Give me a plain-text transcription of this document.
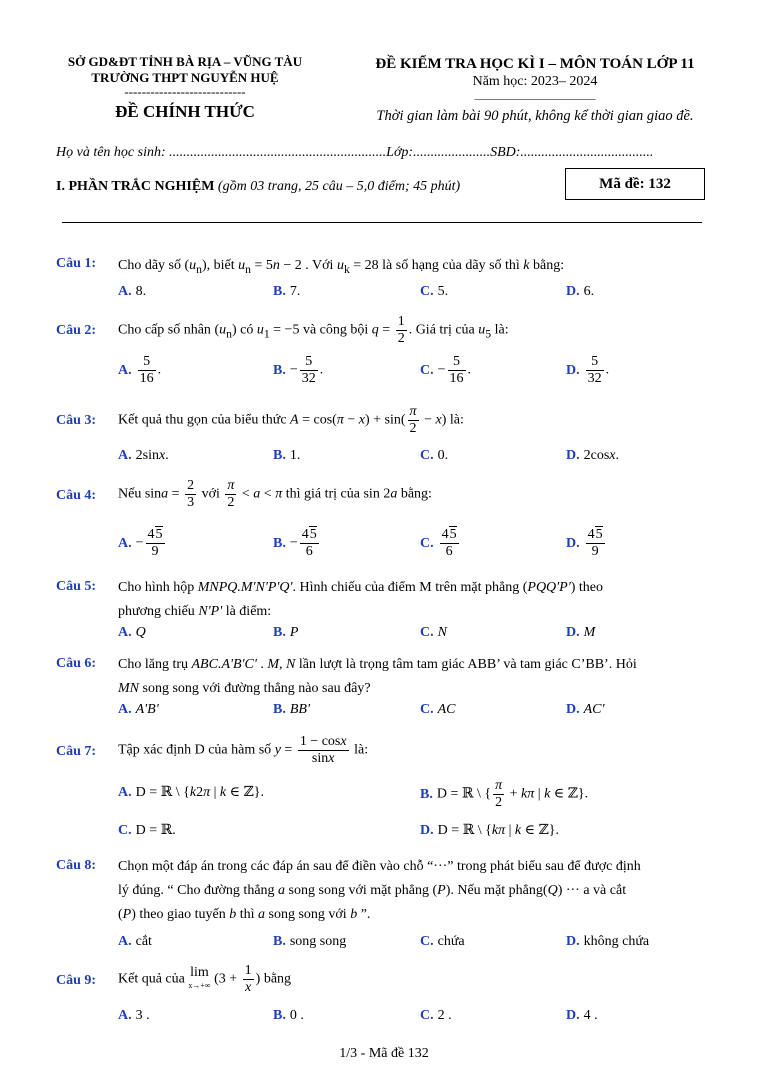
SỞ GD&ĐT TỈNH BÀ RỊA – VŨNG TÀU
TRƯỜNG THPT NGUYỄN HUỆ
----------------------------
ĐỀ CHÍNH THỨC
ĐỀ KIỂM TRA HỌC KÌ I – MÔN TOÁN LỚP 11
Năm học: 2023– 2024
______________________
Thời gian làm bài 90 phút, không kể thời gian giao đề.
Họ và tên học sinh: ..............................................................Lớp:......................SBD:......................................
I. PHẦN TRẮC NGHIỆM (gồm 03 trang, 25 câu – 5,0 điểm; 45 phút)	Mã đề: 132
Câu 1: Cho dãy số $(u_n)$, biết $u_n = 5n - 2$ . Với $u_k = 28$ là số hạng của dãy số thì k bằng:
A. 8.	B. 7.	C. 5.	D. 6.
Câu 2: Cho cấp số nhân $(u_n)$ có $u_1 = -5$ và công bội $q = \frac{1}{2}$ . Giá trị của $u_5$ là:
A. $\frac{5}{16}$ .	B. − $\frac{5}{32}$ .	C. − $\frac{5}{16}$ .	D. $\frac{5}{32}$ .
Câu 3: Kết quả thu gọn của biểu thức $A = \cos(\pi - x) + \sin( \frac{\pi}{2} - x)$ là:
A. 2sinx.	B. 1.	C. 0.	D. 2cosx.
Câu 4: Nếu $\sin a = \frac{2}{3}$ với $\frac{\pi}{2} < a < \pi$ thì giá trị của sin 2a bằng:
A. − $\frac{45}{9}$	B. − $\frac{45}{6}$	C. $\frac{45}{6}$	D. $\frac{45}{9}$
Câu 5: Cho hình hộp MNPQ.M'N'P'Q'. Hình chiếu của điểm M trên mặt phẳng (PQQ'P') theo
phương chiếu N'P' là điểm:
A. Q	B. P	C. N	D. M
Câu 6: Cho lăng trụ ABC.A'B'C' . M, N lần lượt là trọng tâm tam giác ABB’ và tam giác C’BB’. Hỏi
MN song song với đường thẳng nào sau đây?
A. A'B'	B. BB'	C. AC	D. AC'
Câu 7: Tập xác định D của hàm số $y = \frac{1 - \cos x}{\sin x}$ là:
A. D = ℝ \ {k2π | k ∈ ℤ}.	B. D = ℝ \ { $\frac{\pi}{2} + k\pi$ | k ∈ ℤ}.
C. D = ℝ.	D. D = ℝ \ {kπ | k ∈ ℤ}.
Câu 8: Chọn một đáp án trong các đáp án sau để điền vào chỗ “···” trong phát biểu sau để được định
lý đúng. “ Cho đường thẳng a song song với mặt phẳng (P). Nếu mặt phẳng(Q) ··· a và cắt
(P) theo giao tuyến b thì a song song với b ”.
A. cắt	B. song song	C. chứa	D. không chứa
Câu 9: Kết quả của lim
x→+∞ ($3 + \frac{1}{x}$ ) bằng
A. 3 .	B. 0 .	C. 2 .	D. 4 .
1/3 - Mã đề 132
